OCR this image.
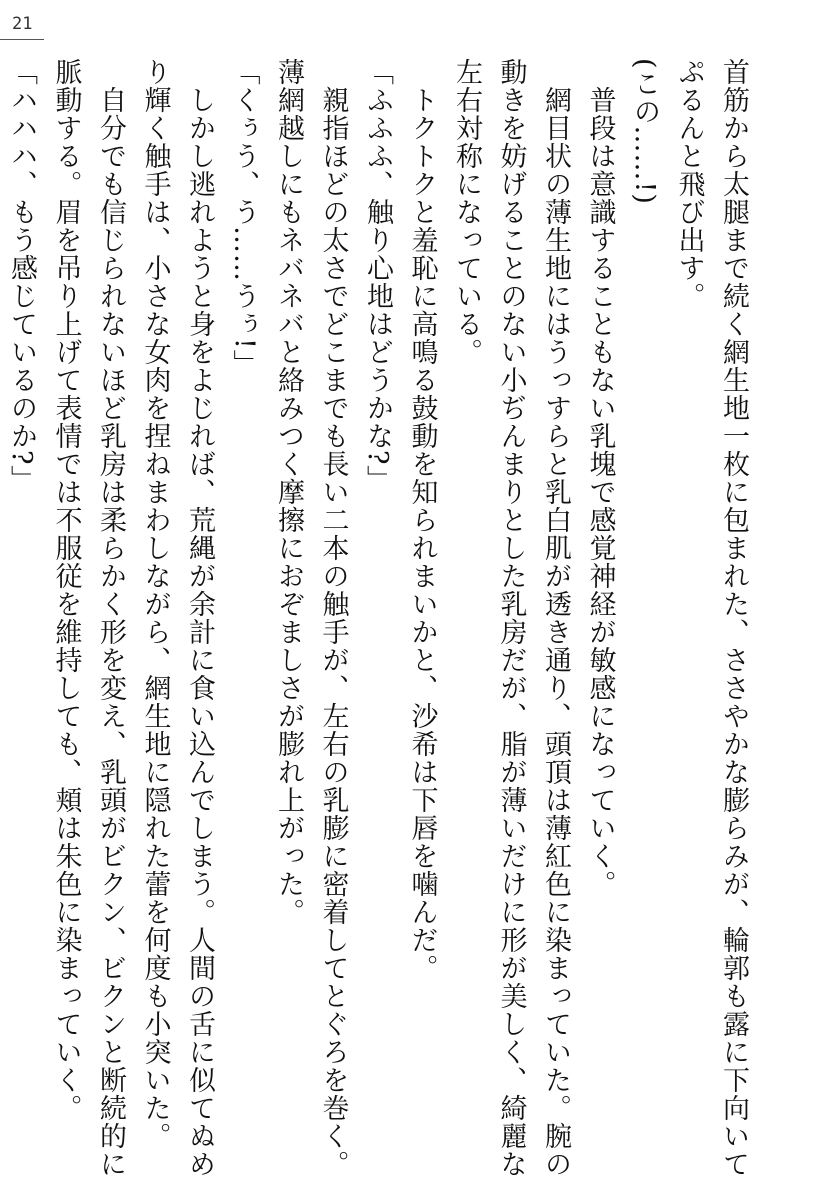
21
首筋から太腿まで続く網生地一枚に包まれた、ささやかな膨らみが、輪郭も露に下向いて
ぷるんと飛び出す。
(この……!)
　普段は意識することもない乳塊で感覚神経が敏感になっていく。
　網目状の薄生地にはうっすらと乳白肌が透き通り、頭頂は薄紅色に染まっていた。腕の
動きを妨げることのない小ぢんまりとした乳房だが、脂が薄いだけに形が美しく、綺麗な
左右対称になっている。
　トクトクと羞恥に高鳴る鼓動を知られまいかと、沙希は下唇を噛んだ。
「ふふふ、触り心地はどうかな?」
　親指ほどの太さでどこまでも長い二本の触手が、左右の乳膨に密着してとぐろを巻く。
薄網越しにもネバネバと絡みつく摩擦におぞましさが膨れ上がった。
「くぅう、う……うぅ!」
　しかし逃れようと身をよじれば、荒縄が余計に食い込んでしまう。人間の舌に似てぬめ
り輝く触手は、小さな女肉を捏ねまわしながら、網生地に隠れた蕾を何度も小突いた。
　自分でも信じられないほど乳房は柔らかく形を変え、乳頭がビクン、ビクンと断続的に
脈動する。眉を吊り上げて表情では不服従を維持しても、頬は朱色に染まっていく。
「ハハハ、もう感じているのか?」
